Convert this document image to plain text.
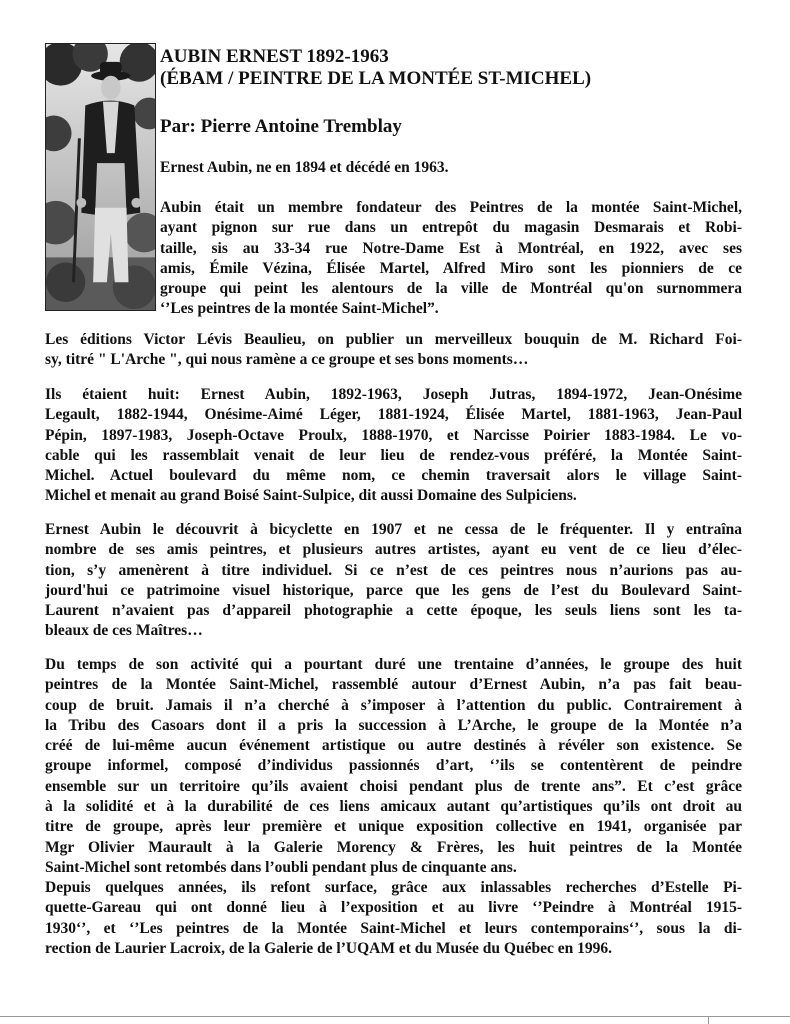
AUBIN ERNEST 1892-1963
(ÉBAM / PEINTRE DE LA MONTÉE ST-MICHEL)
Par: Pierre Antoine Tremblay
Ernest Aubin, ne en 1894 et décédé en 1963.

Aubin était un membre fondateur des Peintres de la montée Saint-Michel,
ayant pignon sur rue dans un entrepôt du magasin Desmarais et Robi-
taille, sis au 33-34 rue Notre-Dame Est à Montréal, en 1922, avec ses
amis, Émile Vézina, Élisée Martel, Alfred Miro sont les pionniers de ce
groupe qui peint les alentours de la ville de Montréal qu'on surnommera
‘’Les peintres de la montée Saint-Michel”.

Les éditions Victor Lévis Beaulieu, on publier un merveilleux bouquin de M. Richard Foi-
sy, titré " L'Arche ", qui nous ramène a ce groupe et ses bons moments…

Ils étaient huit: Ernest Aubin, 1892-1963, Joseph Jutras, 1894-1972, Jean-Onésime
Legault, 1882-1944, Onésime-Aimé Léger, 1881-1924, Élisée Martel, 1881-1963, Jean-Paul
Pépin, 1897-1983, Joseph-Octave Proulx, 1888-1970, et Narcisse Poirier 1883-1984. Le vo-
cable qui les rassemblait venait de leur lieu de rendez-vous préféré, la Montée Saint-
Michel. Actuel boulevard du même nom, ce chemin traversait alors le village Saint-
Michel et menait au grand Boisé Saint-Sulpice, dit aussi Domaine des Sulpiciens.

Ernest Aubin le découvrit à bicyclette en 1907 et ne cessa de le fréquenter. Il y entraîna
nombre de ses amis peintres, et plusieurs autres artistes, ayant eu vent de ce lieu d’élec-
tion, s’y amenèrent à titre individuel. Si ce n’est de ces peintres nous n’aurions pas au-
jourd'hui ce patrimoine visuel historique, parce que les gens de l’est du Boulevard Saint-
Laurent n’avaient pas d’appareil photographie a cette époque, les seuls liens sont les ta-
bleaux de ces Maîtres…

Du temps de son activité qui a pourtant duré une trentaine d’années, le groupe des huit
peintres de la Montée Saint-Michel, rassemblé autour d’Ernest Aubin, n’a pas fait beau-
coup de bruit. Jamais il n’a cherché à s’imposer à l’attention du public. Contrairement à
la Tribu des Casoars dont il a pris la succession à L’Arche, le groupe de la Montée n’a
créé de lui-même aucun événement artistique ou autre destinés à révéler son existence. Se
groupe informel, composé d’individus passionnés d’art, ‘’ils se contentèrent de peindre
ensemble sur un territoire qu’ils avaient choisi pendant plus de trente ans”. Et c’est grâce
à la solidité et à la durabilité de ces liens amicaux autant qu’artistiques qu’ils ont droit au
titre de groupe, après leur première et unique exposition collective en 1941, organisée par
Mgr Olivier Maurault à la Galerie Morency & Frères, les huit peintres de la Montée
Saint-Michel sont retombés dans l’oubli pendant plus de cinquante ans.

Depuis quelques années, ils refont surface, grâce aux inlassables recherches d’Estelle Pi-
quette-Gareau qui ont donné lieu à l’exposition et au livre ‘’Peindre à Montréal 1915-
1930‘’, et ‘’Les peintres de la Montée Saint-Michel et leurs contemporains‘’, sous la di-
rection de Laurier Lacroix, de la Galerie de l’UQAM et du Musée du Québec en 1996.
